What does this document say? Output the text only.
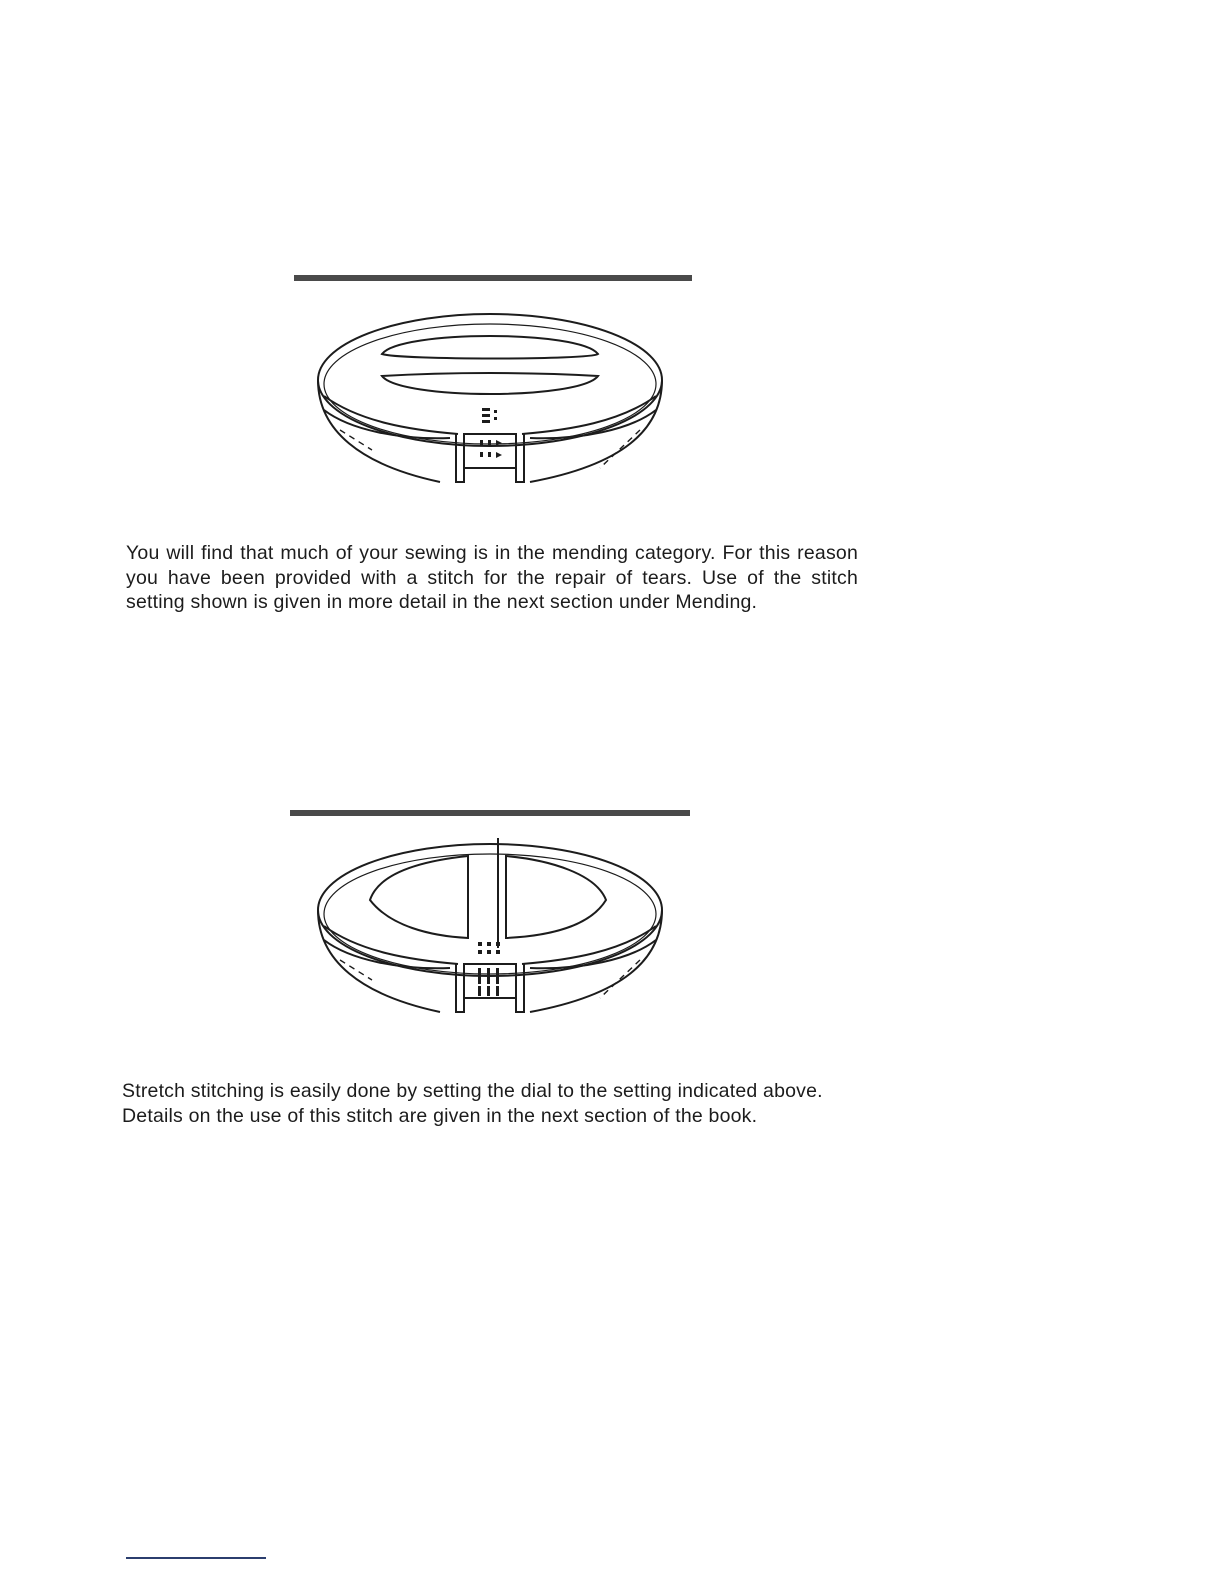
You will find that much of your sewing is in the mending category. For this reason you have been provided with a stitch for the repair of tears. Use of the stitch setting shown is given in more detail in the next section under Mending.

Stretch stitching is easily done by setting the dial to the setting indicated above.
Details on the use of this stitch are given in the next section of the book.
